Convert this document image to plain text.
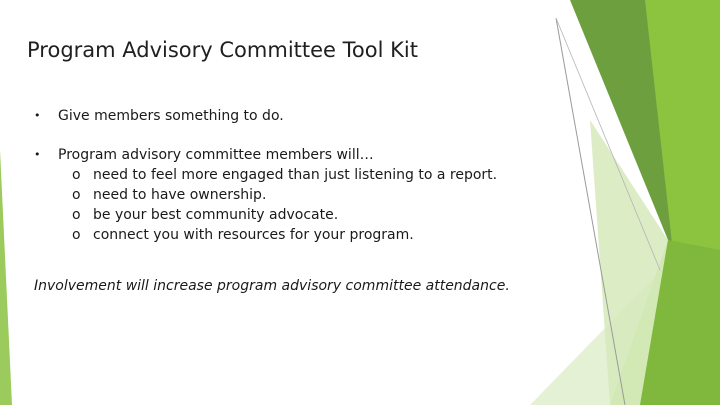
Program Advisory Committee Tool Kit
• Give members something to do.
• Program advisory committee members will…
o need to feel more engaged than just listening to a report.
o need to have ownership.
o be your best community advocate.
o connect you with resources for your program.
Involvement will increase program advisory committee attendance.
